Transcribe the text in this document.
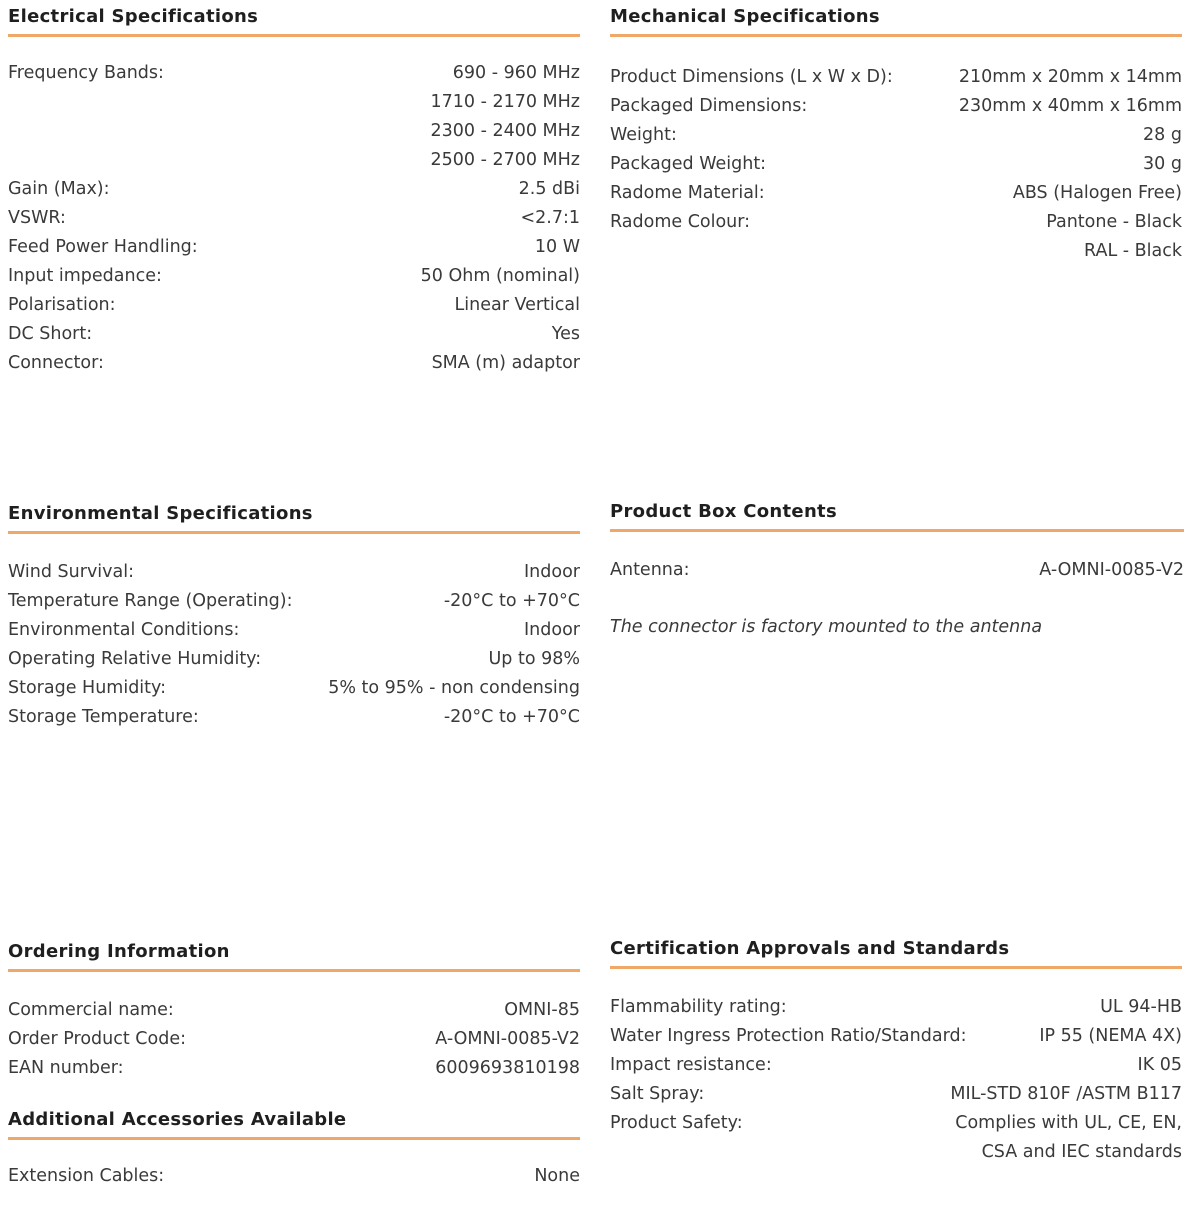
Electrical Specifications
Frequency Bands:	690 - 960 MHz
1710 - 2170 MHz
2300 - 2400 MHz
2500 - 2700 MHz
Gain (Max):	2.5 dBi
VSWR:	<2.7:1
Feed Power Handling:	10 W
Input impedance:	50 Ohm (nominal)
Polarisation:	Linear Vertical
DC Short:	Yes
Connector:	SMA (m) adaptor
Mechanical Specifications
Product Dimensions (L x W x D):	210mm x 20mm x 14mm
Packaged Dimensions:	230mm x 40mm x 16mm
Weight:	28 g
Packaged Weight:	30 g
Radome Material:	ABS (Halogen Free)
Radome Colour:	Pantone - Black
RAL - Black
Environmental Specifications
Wind Survival:	Indoor
Temperature Range (Operating):	-20°C to +70°C
Environmental Conditions:	Indoor
Operating Relative Humidity:	Up to 98%
Storage Humidity:	5% to 95% - non condensing
Storage Temperature:	-20°C to +70°C
Product Box Contents
Antenna:	A-OMNI-0085-V2
The connector is factory mounted to the antenna
Ordering Information
Commercial name:	OMNI-85
Order Product Code:	A-OMNI-0085-V2
EAN number:	6009693810198
Additional Accessories Available
Extension Cables:	None
Certification Approvals and Standards
Flammability rating:	UL 94-HB
Water Ingress Protection Ratio/Standard:	IP 55 (NEMA 4X)
Impact resistance:	IK 05
Salt Spray:	MIL-STD 810F /ASTM B117
Product Safety:	Complies with UL, CE, EN,
CSA and IEC standards
